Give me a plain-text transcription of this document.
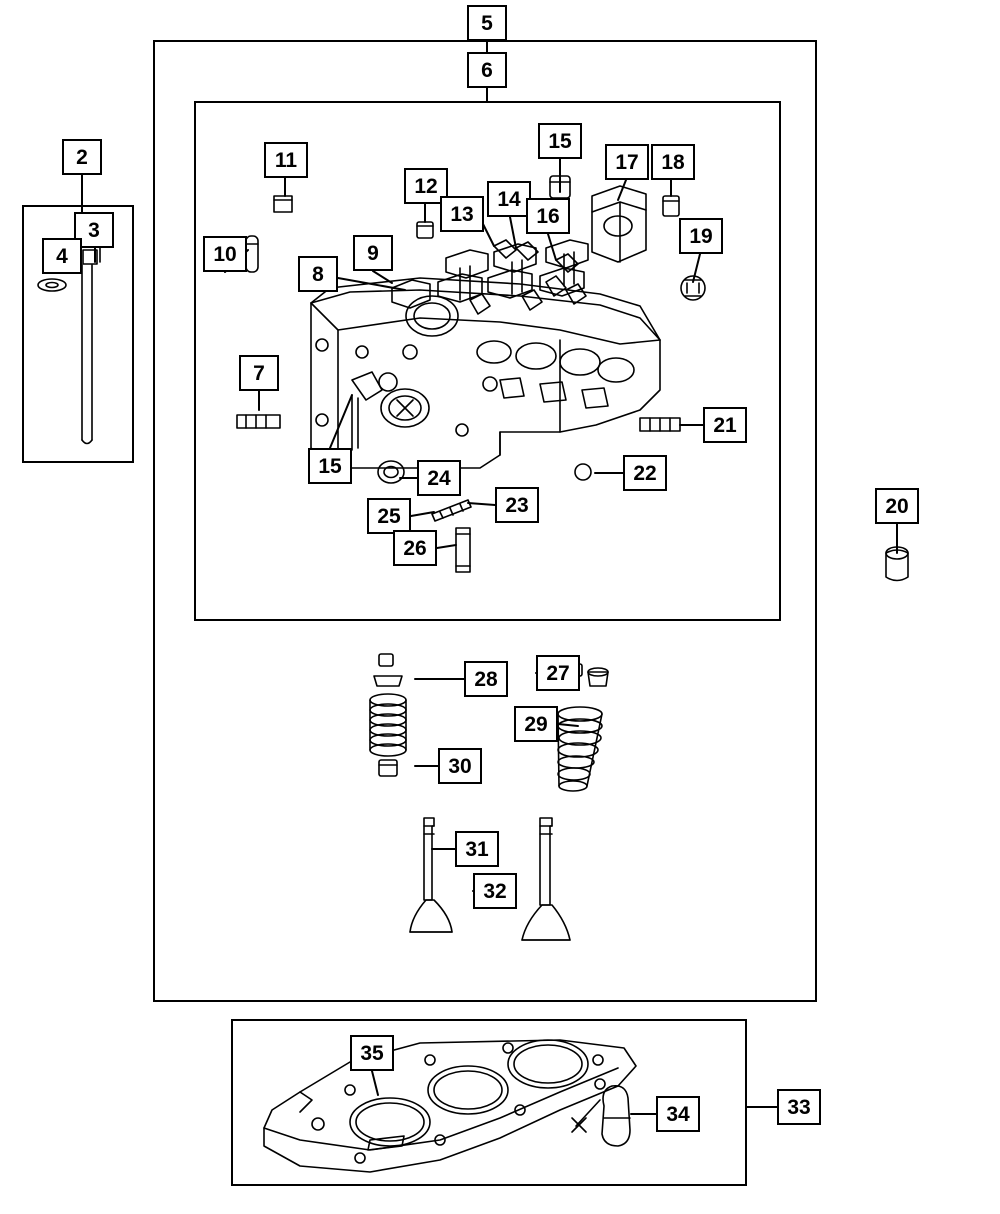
2
3
4
5
6
7
8
9
10
11
12
13
14
15
16
17	18
19
20
21
22
23
24
25
26
15
27
28
29
30
31
32
33
34
35
